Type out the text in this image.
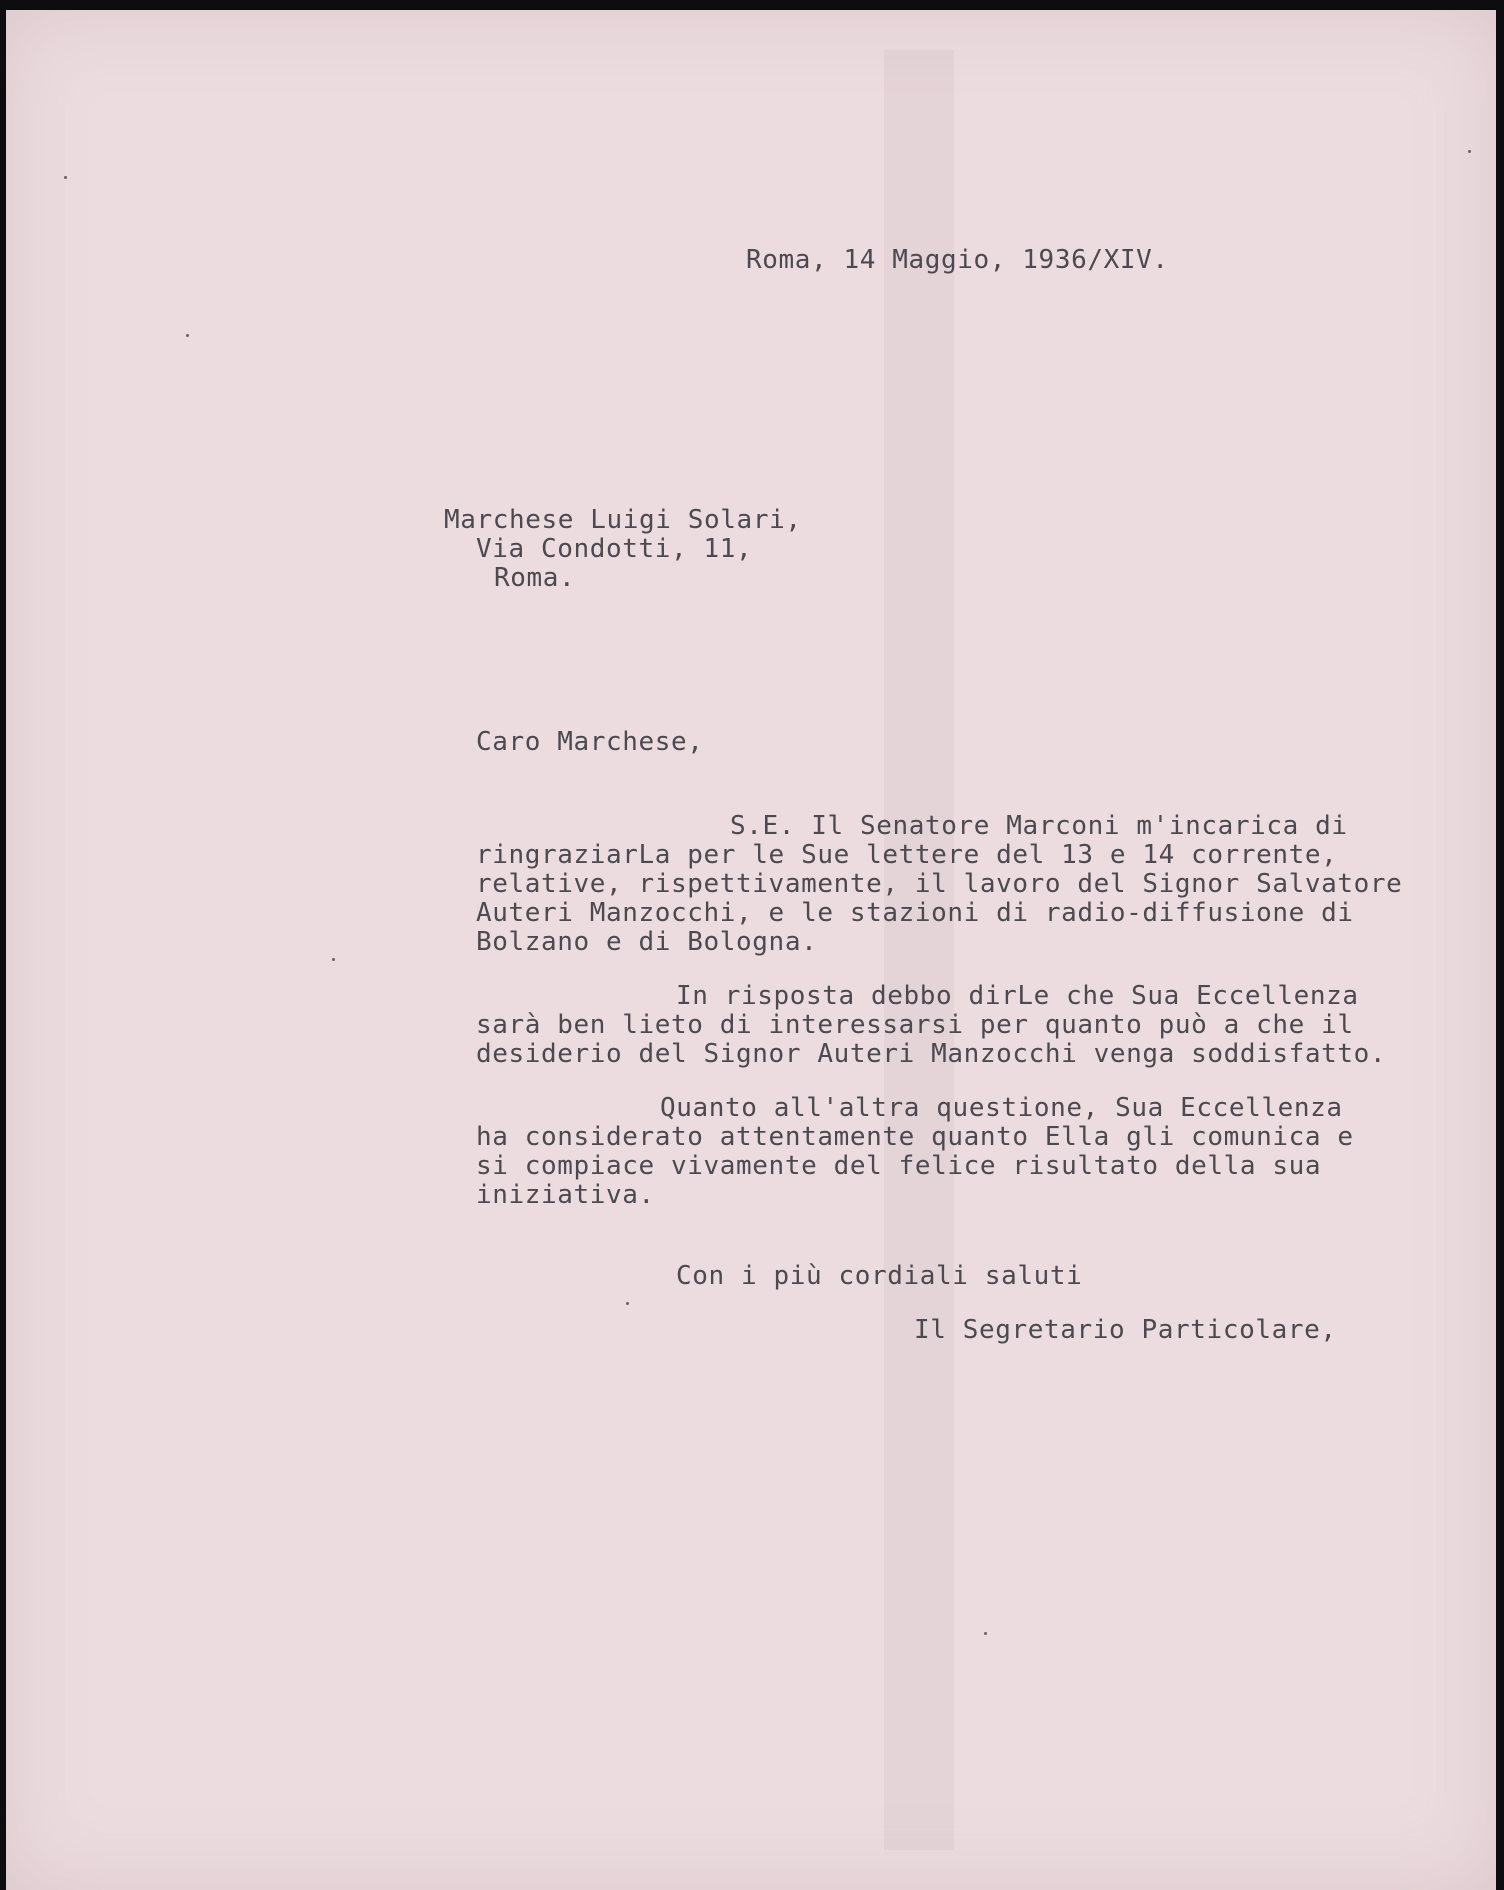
Roma, 14 Maggio, 1936/XIV.

Marchese Luigi Solari,

Via Condotti, 11,

Roma.

Caro Marchese,

S.E. Il Senatore Marconi m'incarica di

ringraziarLa per le Sue lettere del 13 e 14 corrente,

relative, rispettivamente, il lavoro del Signor Salvatore

Auteri Manzocchi, e le stazioni di radio-diffusione di

Bolzano e di Bologna.

In risposta debbo dirLe che Sua Eccellenza

sarà ben lieto di interessarsi per quanto può a che il

desiderio del Signor Auteri Manzocchi venga soddisfatto.

Quanto all'altra questione, Sua Eccellenza

ha considerato attentamente quanto Ella gli comunica e

si compiace vivamente del felice risultato della sua

iniziativa.

Con i più cordiali saluti

Il Segretario Particolare,
